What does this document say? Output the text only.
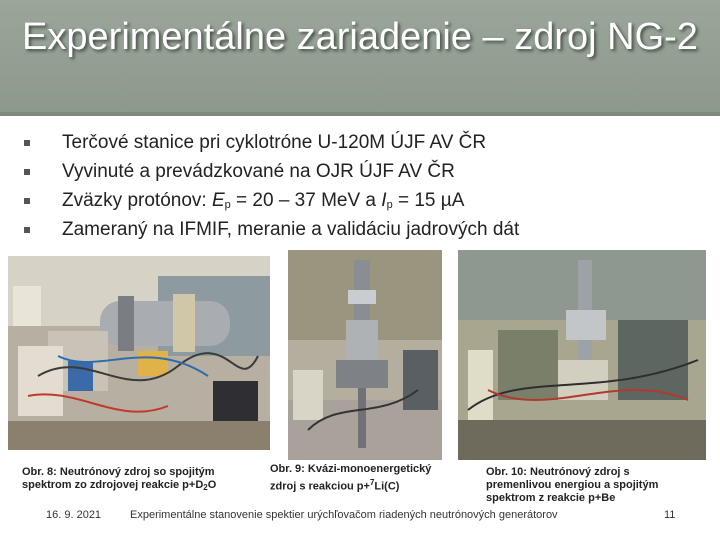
Experimentálne zariadenie – zdroj NG-2
Terčové stanice pri cyklotróne U-120M ÚJF AV ČR
Vyvinuté a prevádzkované na OJR ÚJF AV ČR
Zväzky protónov: $E_p = 20 - 37$ MeV a $I_p = 15$ µA
Zameraný na IFMIF, meranie a validáciu jadrových dát
Obr. 8: Neutrónový zdroj so spojitým
spektrom zo zdrojovej reakcie $p+D_2O$
Obr. 9: Kvázi-monoenergetický
zdroj s reakciou p+$^7$Li(C)
Obr. 10: Neutrónový zdroj s
premenlivou energiou a spojitým
spektrom z reakcie p+Be
16. 9. 2021	Experimentálne stanovenie spektier urýchľovačom riadených neutrónových generátorov	11
